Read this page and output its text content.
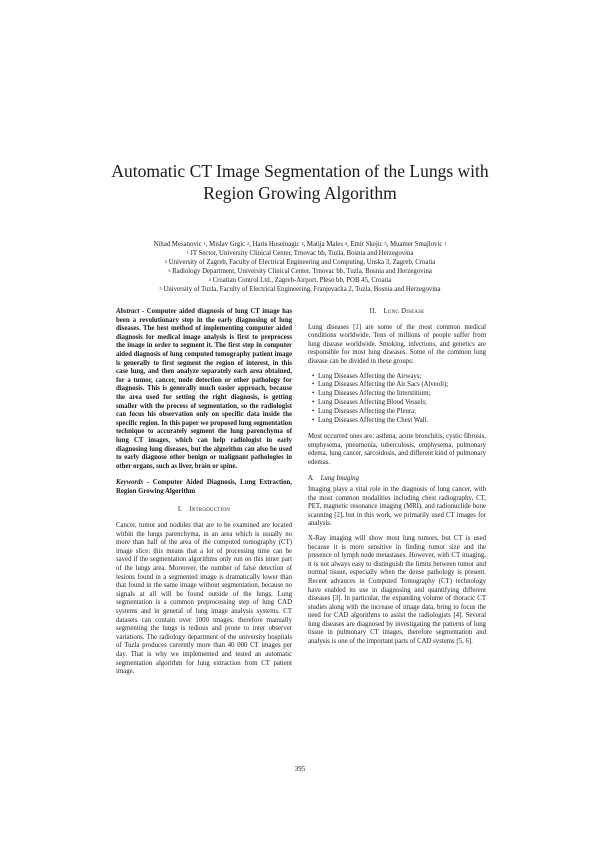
Automatic CT Image Segmentation of the Lungs with
Region Growing Algorithm
Nihad Mesanovic $^1$, Mislav Grgic $^2$, Haris Huseinagic $^3$, Matija Males $^4$, Emir Skejic $^5$, Muamer Smajlovic $^1$
$^1$ IT Sector, University Clinical Center, Trnovac bb, Tuzla, Bosnia and Herzegovina
$^2$ University of Zagreb, Faculty of Electrical Engineering and Computing, Unska 3, Zagreb, Croatia
$^3$ Radiology Department, University Clinical Center, Trnovac bb, Tuzla, Bosnia and Herzegovina
$^4$ Croatian Control Ltd., Zagreb-Airport, Pleso bb, POB 45, Croatia
$^5$ University of Tuzla, Faculty of Electrical Engineering, Franjevacka 2, Tuzla, Bosnia and Herzegovina

Abstract - Computer aided diagnosis of lung CT image has been a revolutionary step in the early diagnosing of lung diseases. The best method of implementing computer aided diagnosis for medical image analysis is first to preprocess the image in order to segment it. The first step in computer aided diagnosis of lung computed tomography patient image is generally to first segment the region of interest, in this case lung, and then analyze separately each area obtained, for a tumor, cancer, node detection or other pathology for diagnosis. This is generally much easier approach, because the area used for setting the right diagnosis, is getting smaller with the process of segmentation, so the radiologist can focus his observation only on specific data inside the specific region. In this paper we proposed lung segmentation technique to accurately segment the lung parenchyma of lung CT images, which can help radiologist in early diagnosing lung diseases, but the algorithm can also be used to early diagnose other benign or malignant pathologies in other organs, such as liver, brain or spine.

Keywords - Computer Aided Diagnosis, Lung Extraction, Region Growing Algorithm

I. Introduction

Cancer, tumor and nodules that are to be examined are located within the lungs parenchyma, in an area which is usually no more than half of the area of the computed tomography (CT) image slice: this means that a lot of processing time can be saved if the segmentation algorithms only run on this inner part of the lungs area. Moreover, the number of false detection of lesions found in a segmented image is dramatically lower than that found in the same image without segmentation, because no signals at all will be found outside of the lungs. Lung segmentation is a common preprocessing step of lung CAD systems and in general of lung image analysis systems. CT datasets can contain over 1000 images, therefore manually segmenting the lungs is tedious and prone to inter observer variations. The radiology department of the university hospitals of Tuzla produces currently more than 40 000 CT images per day. That is why we implemented and tested an automatic segmentation algorithm for lung extraction from CT patient image.

II. Lung Disease

Lung diseases [1] are some of the most common medical conditions worldwide. Tens of millions of people suffer from lung disease worldwide. Smoking, infections, and genetics are responsible for most lung diseases. Some of the common lung disease can be divided in these groups:

• Lung Diseases Affecting the Airways;
• Lung Diseases Affecting the Air Sacs (Alveoli);
• Lung Diseases Affecting the Interstitium;
• Lung Diseases Affecting Blood Vessels;
• Lung Diseases Affecting the Pleura;
• Lung Diseases Affecting the Chest Wall.

Most occurred ones are: asthma, acute bronchitis, cystic fibrosis, emphysema, pneumonia, tuberculosis, emphysema, pulmonary edema, lung cancer, sarcoidosis, and different kind of pulmonary edemas.

A. Lung Imaging

Imaging plays a vital role in the diagnosis of lung cancer, with the most common modalities including chest radiography, CT, PET, magnetic resonance imaging (MRI), and radionuclide bone scanning [2], but in this work, we primarily used CT images for analysis.

X-Ray imaging will show most lung tumors, but CT is used because it is more sensitive in finding tumor size and the presence of lymph node metastases. However, with CT imaging, it is not always easy to distinguish the limits between tumor and normal tissue, especially when the dense pathology is present. Recent advances in Computed Tomography (CT) technology have enabled its use in diagnosing and quantifying different diseases [3]. In particular, the expanding volume of thoracic CT studies along with the increase of image data, bring to focus the need for CAD algorithms to assist the radiologists [4]. Several lung diseases are diagnosed by investigating the patterns of lung tissue in pulmonary CT images, therefore segmentation and analysis is one of the important parts of CAD systems [5, 6].

395
